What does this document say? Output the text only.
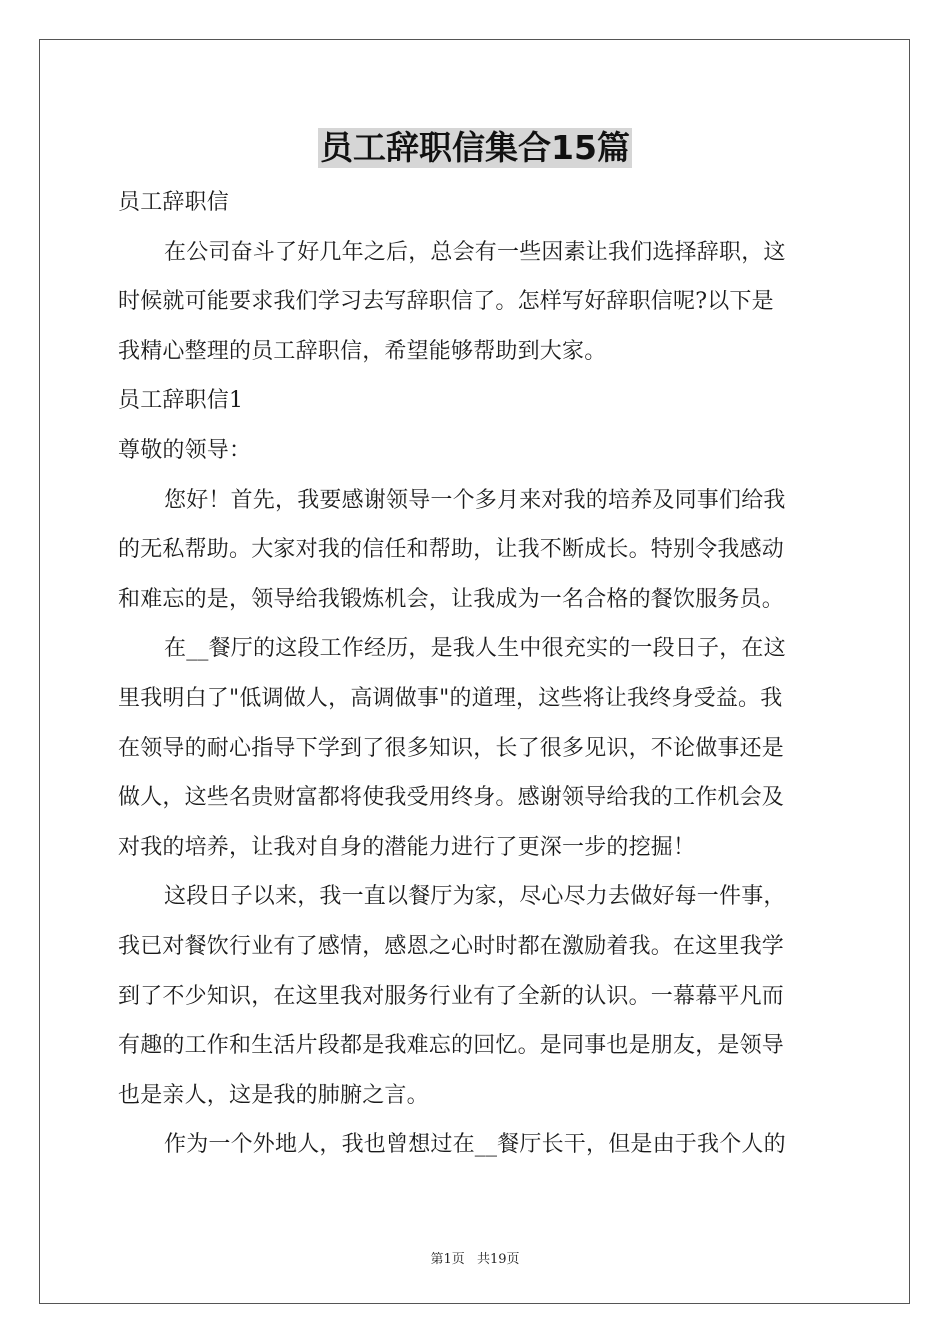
员工辞职信集合15篇

员工辞职信

在公司奋斗了好几年之后，总会有一些因素让我们选择辞职，这

时候就可能要求我们学习去写辞职信了。怎样写好辞职信呢?以下是

我精心整理的员工辞职信，希望能够帮助到大家。

员工辞职信1

尊敬的领导：

您好！首先，我要感谢领导一个多月来对我的培养及同事们给我

的无私帮助。大家对我的信任和帮助，让我不断成长。特别令我感动

和难忘的是，领导给我锻炼机会，让我成为一名合格的餐饮服务员。

在__餐厅的这段工作经历，是我人生中很充实的一段日子，在这

里我明白了"低调做人，高调做事"的道理，这些将让我终身受益。我

在领导的耐心指导下学到了很多知识，长了很多见识，不论做事还是

做人，这些名贵财富都将使我受用终身。感谢领导给我的工作机会及

对我的培养，让我对自身的潜能力进行了更深一步的挖掘！

这段日子以来，我一直以餐厅为家，尽心尽力去做好每一件事，

我已对餐饮行业有了感情，感恩之心时时都在激励着我。在这里我学

到了不少知识，在这里我对服务行业有了全新的认识。一幕幕平凡而

有趣的工作和生活片段都是我难忘的回忆。是同事也是朋友，是领导

也是亲人，这是我的肺腑之言。

作为一个外地人，我也曾想过在__餐厅长干，但是由于我个人的

第1页 共19页
